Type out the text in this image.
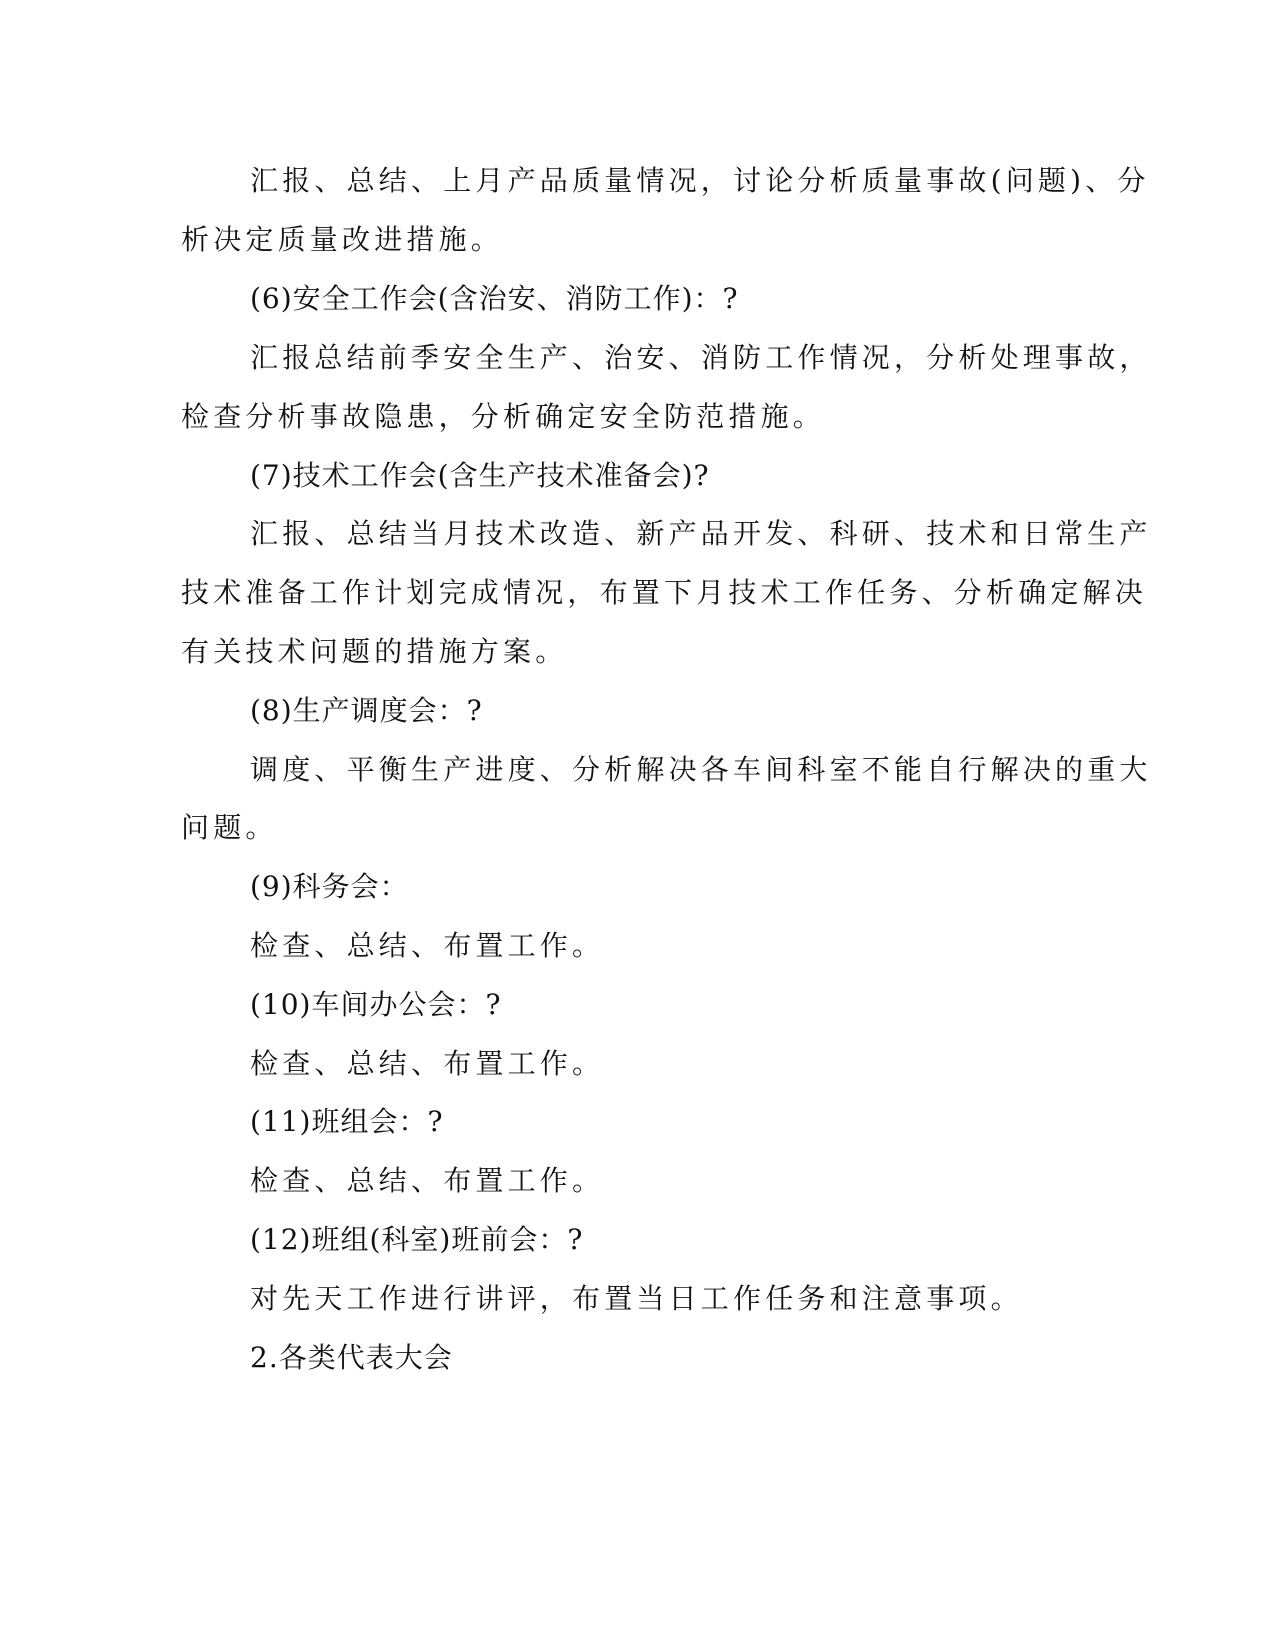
汇报、总结、上月产品质量情况，讨论分析质量事故(问题)、分
析决定质量改进措施。
(6)安全工作会(含治安、消防工作)：?
汇报总结前季安全生产、治安、消防工作情况，分析处理事故，
检查分析事故隐患，分析确定安全防范措施。
(7)技术工作会(含生产技术准备会)?
汇报、总结当月技术改造、新产品开发、科研、技术和日常生产
技术准备工作计划完成情况，布置下月技术工作任务、分析确定解决
有关技术问题的措施方案。
(8)生产调度会：?
调度、平衡生产进度、分析解决各车间科室不能自行解决的重大
问题。
(9)科务会：
检查、总结、布置工作。
(10)车间办公会：?
检查、总结、布置工作。
(11)班组会：?
检查、总结、布置工作。
(12)班组(科室)班前会：?
对先天工作进行讲评，布置当日工作任务和注意事项。
2.各类代表大会
